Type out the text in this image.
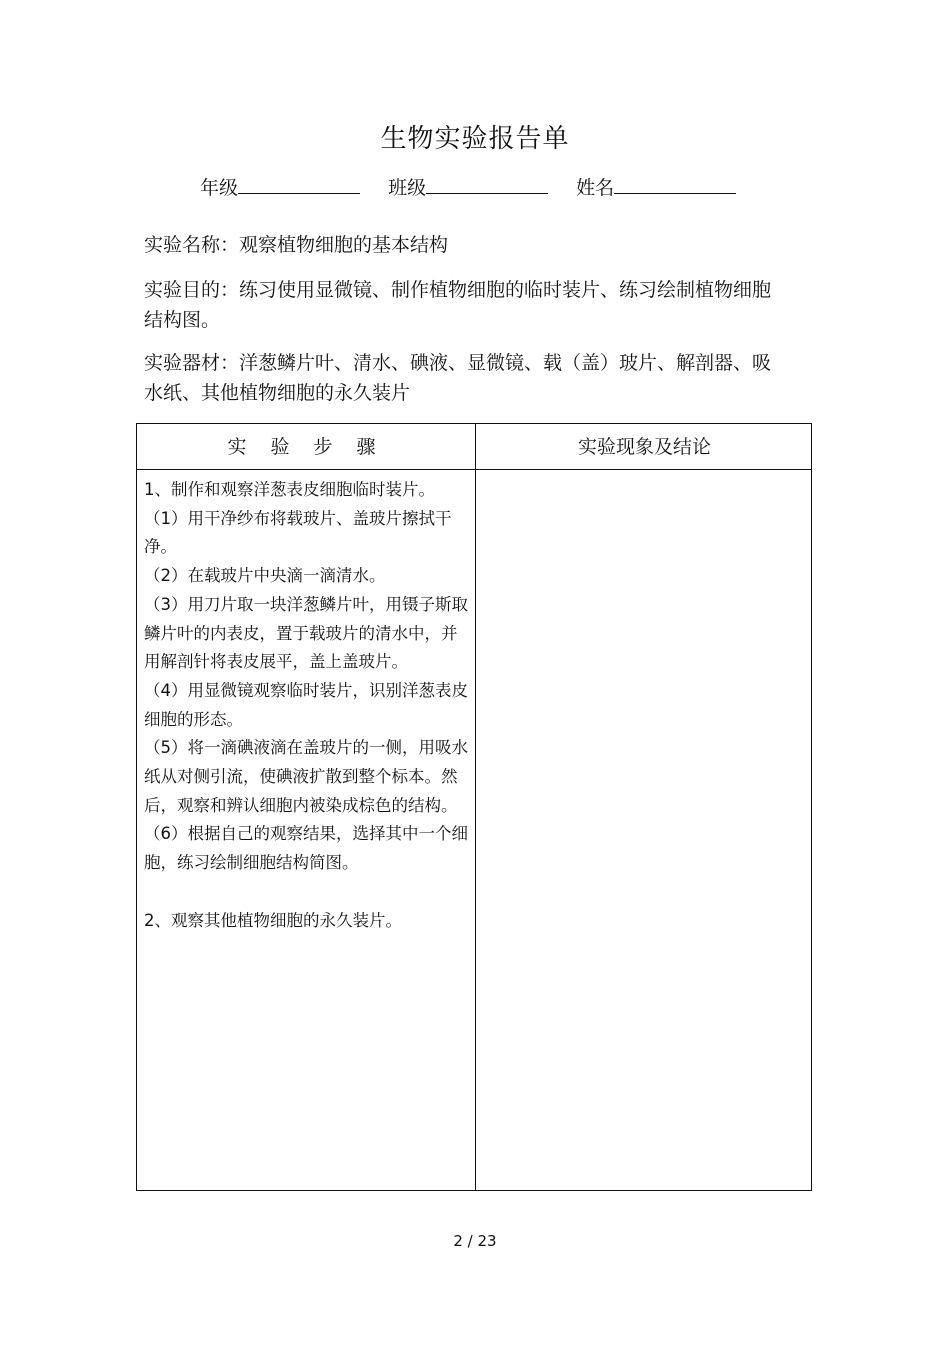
生物实验报告单
年级	班级	姓名
实验名称：观察植物细胞的基本结构
实验目的：练习使用显微镜、制作植物细胞的临时装片、练习绘制植物细胞结构图。
实验器材：洋葱鳞片叶、清水、碘液、显微镜、载（盖）玻片、解剖器、吸水纸、其他植物细胞的永久装片
实 验 步 骤	实验现象及结论
1、制作和观察洋葱表皮细胞临时装片。
（1）用干净纱布将载玻片、盖玻片擦拭干净。
（2）在载玻片中央滴一滴清水。
（3）用刀片取一块洋葱鳞片叶，用镊子斯取鳞片叶的内表皮，置于载玻片的清水中，并用解剖针将表皮展平，盖上盖玻片。
（4）用显微镜观察临时装片，识别洋葱表皮细胞的形态。
（5）将一滴碘液滴在盖玻片的一侧，用吸水纸从对侧引流，使碘液扩散到整个标本。然后，观察和辨认细胞内被染成棕色的结构。
（6）根据自己的观察结果，选择其中一个细胞，练习绘制细胞结构简图。
2、观察其他植物细胞的永久装片。
2 / 23
